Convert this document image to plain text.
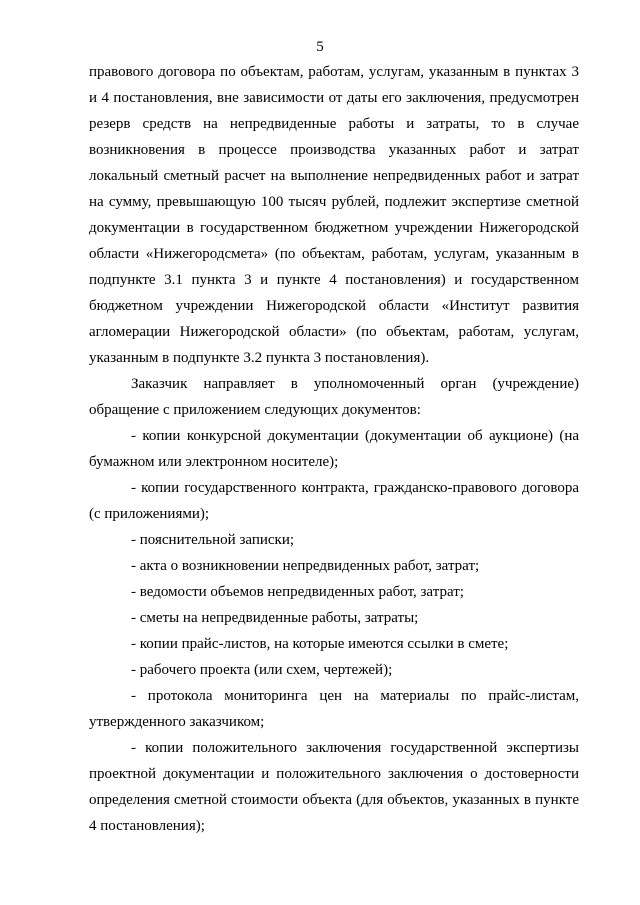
5

правового договора по объектам, работам, услугам, указанным в пунктах 3 и 4 постановления, вне зависимости от даты его заключения, предусмотрен резерв средств на непредвиденные работы и затраты, то в случае возникновения в процессе производства указанных работ и затрат локальный сметный расчет на выполнение непредвиденных работ и затрат на сумму, превышающую 100 тысяч рублей, подлежит экспертизе сметной документации в государственном бюджетном учреждении Нижегородской области «Нижегородсмета» (по объектам, работам, услугам, указанным в подпункте 3.1 пункта 3 и пункте 4 постановления) и государственном бюджетном учреждении Нижегородской области «Институт развития агломерации Нижегородской области» (по объектам, работам, услугам, указанным в подпункте 3.2 пункта 3 постановления).

Заказчик направляет в уполномоченный орган (учреждение) обращение с приложением следующих документов:

- копии конкурсной документации (документации об аукционе) (на бумажном или электронном носителе);

- копии государственного контракта, гражданско-правового договора (с приложениями);

- пояснительной записки;

- акта о возникновении непредвиденных работ, затрат;

- ведомости объемов непредвиденных работ, затрат;

- сметы на непредвиденные работы, затраты;

- копии прайс-листов, на которые имеются ссылки в смете;

- рабочего проекта (или схем, чертежей);

- протокола мониторинга цен на материалы по прайс-листам, утвержденного заказчиком;

- копии положительного заключения государственной экспертизы проектной документации и положительного заключения о достоверности определения сметной стоимости объекта (для объектов, указанных в пункте 4 постановления);
